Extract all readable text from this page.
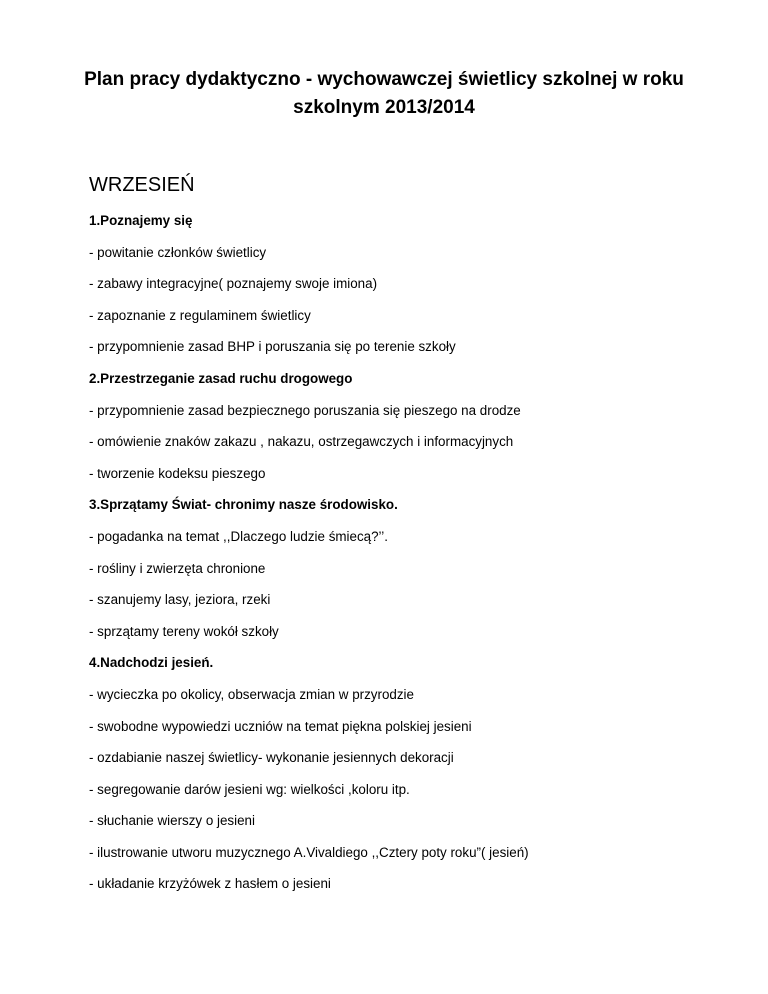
Plan pracy dydaktyczno - wychowawczej świetlicy szkolnej w roku
szkolnym 2013/2014
WRZESIEŃ
1.Poznajemy się
- powitanie członków świetlicy
- zabawy integracyjne( poznajemy swoje imiona)
- zapoznanie z regulaminem świetlicy
- przypomnienie zasad BHP i poruszania się po terenie szkoły
2.Przestrzeganie zasad ruchu drogowego
- przypomnienie zasad bezpiecznego poruszania się pieszego na drodze
- omówienie znaków zakazu , nakazu, ostrzegawczych i informacyjnych
- tworzenie kodeksu pieszego
3.Sprzątamy Świat- chronimy nasze środowisko.
- pogadanka na temat ,,Dlaczego ludzie śmiecą?’’.
- rośliny i zwierzęta chronione
- szanujemy lasy, jeziora, rzeki
- sprzątamy tereny wokół szkoły
4.Nadchodzi jesień.
- wycieczka po okolicy, obserwacja zmian w przyrodzie
- swobodne wypowiedzi uczniów na temat piękna polskiej jesieni
- ozdabianie naszej świetlicy- wykonanie jesiennych dekoracji
- segregowanie darów jesieni wg: wielkości ,koloru itp.
- słuchanie wierszy o jesieni
- ilustrowanie utworu muzycznego A.Vivaldiego ,,Cztery poty roku”( jesień)
- układanie krzyżówek z hasłem o jesieni
